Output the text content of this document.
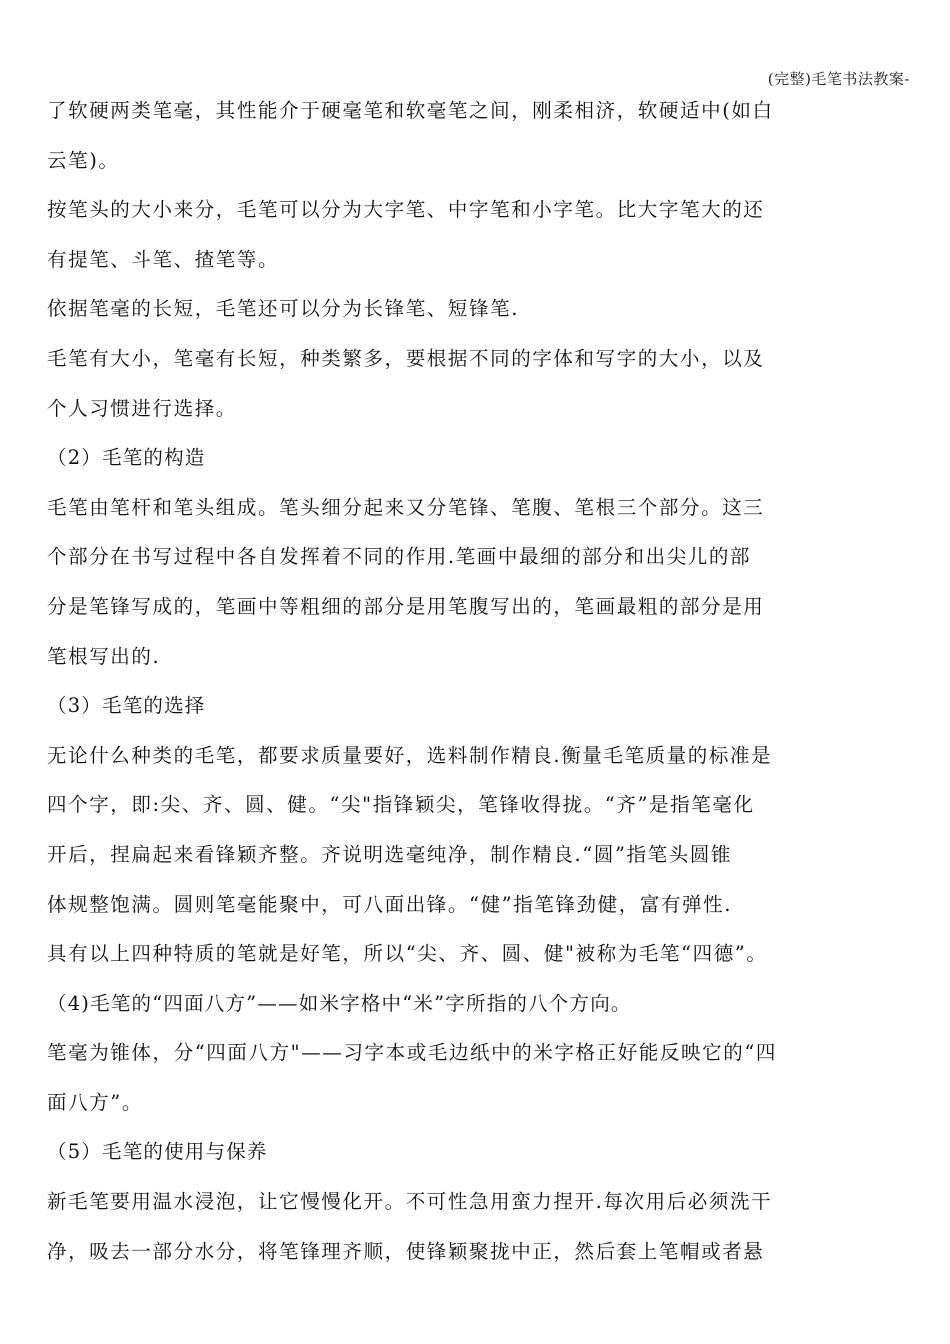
(完整)毛笔书法教案-
了软硬两类笔毫，其性能介于硬毫笔和软毫笔之间，刚柔相济，软硬适中(如白
云笔)。
按笔头的大小来分，毛笔可以分为大字笔、中字笔和小字笔。比大字笔大的还
有提笔、斗笔、揸笔等。
依据笔毫的长短，毛笔还可以分为长锋笔、短锋笔.
毛笔有大小，笔毫有长短，种类繁多，要根据不同的字体和写字的大小，以及
个人习惯进行选择。
（2）毛笔的构造
毛笔由笔杆和笔头组成。笔头细分起来又分笔锋、笔腹、笔根三个部分。这三
个部分在书写过程中各自发挥着不同的作用.笔画中最细的部分和出尖儿的部
分是笔锋写成的，笔画中等粗细的部分是用笔腹写出的，笔画最粗的部分是用
笔根写出的.
（3）毛笔的选择
无论什么种类的毛笔，都要求质量要好，选料制作精良.衡量毛笔质量的标准是
四个字，即:尖、齐、圆、健。“尖"指锋颖尖，笔锋收得拢。“齐”是指笔毫化
开后，捏扁起来看锋颖齐整。齐说明选毫纯净，制作精良.“圆”指笔头圆锥
体规整饱满。圆则笔毫能聚中，可八面出锋。“健”指笔锋劲健，富有弹性.
具有以上四种特质的笔就是好笔，所以“尖、齐、圆、健"被称为毛笔“四德”。
（4)毛笔的“四面八方”——如米字格中“米”字所指的八个方向。
笔毫为锥体，分“四面八方"——习字本或毛边纸中的米字格正好能反映它的“四
面八方”。
（5）毛笔的使用与保养
新毛笔要用温水浸泡，让它慢慢化开。不可性急用蛮力捏开.每次用后必须洗干
净，吸去一部分水分，将笔锋理齐顺，使锋颖聚拢中正，然后套上笔帽或者悬
